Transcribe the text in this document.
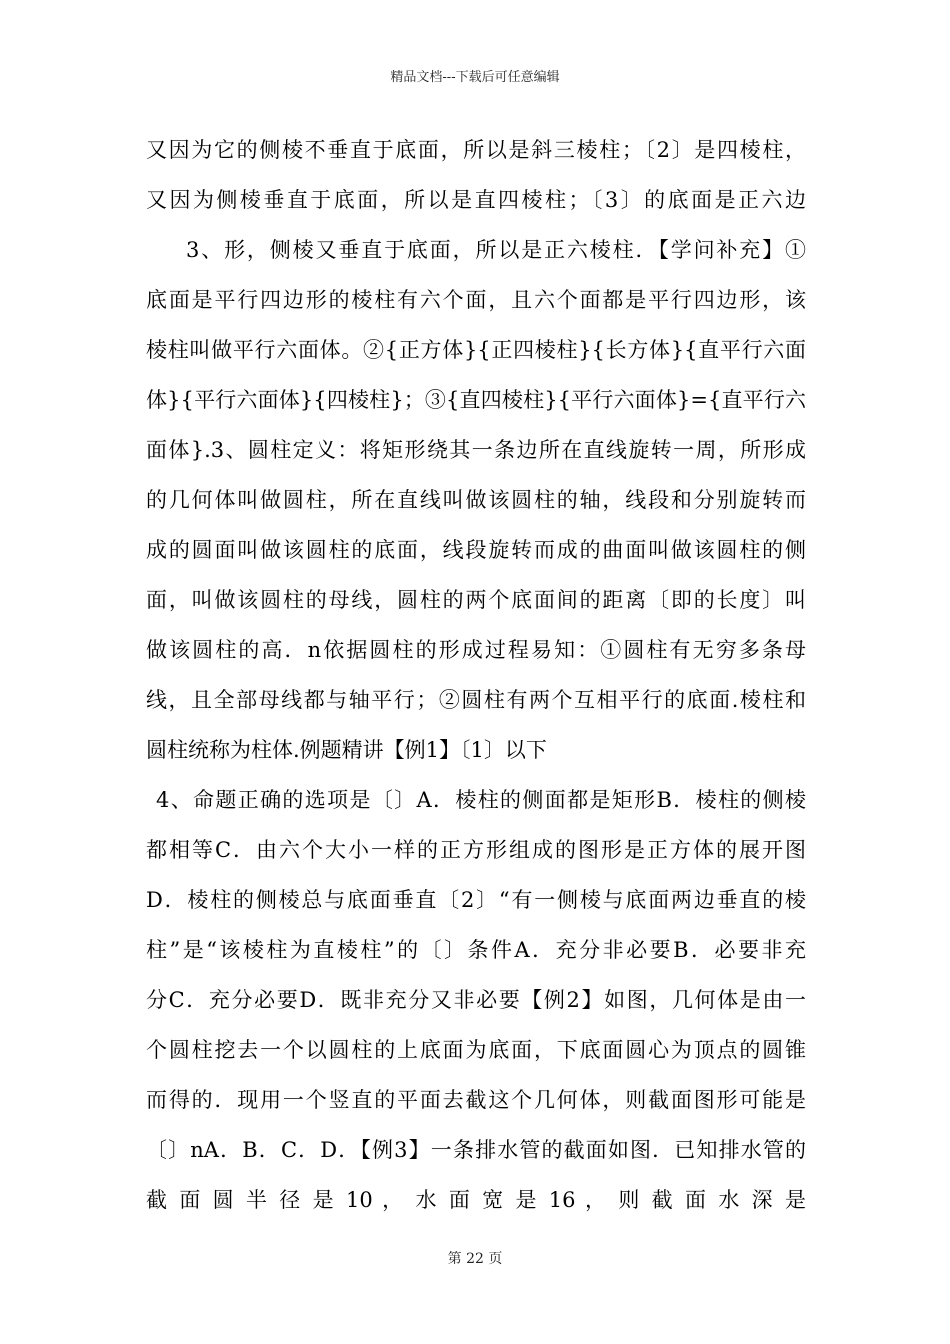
精品文档---下载后可任意编辑
又因为它的侧棱不垂直于底面，所以是斜三棱柱；〔2〕是四棱柱，
又因为侧棱垂直于底面，所以是直四棱柱；〔3〕的底面是正六边
3、形，侧棱又垂直于底面，所以是正六棱柱．【学问补充】①
底面是平行四边形的棱柱有六个面，且六个面都是平行四边形，该
棱柱叫做平行六面体。②{正方体}{正四棱柱}{长方体}{直平行六面
体}{平行六面体}{四棱柱}；③{直四棱柱}{平行六面体}={直平行六
面体}.3、圆柱定义：将矩形绕其一条边所在直线旋转一周，所形成
的几何体叫做圆柱，所在直线叫做该圆柱的轴，线段和分别旋转而
成的圆面叫做该圆柱的底面，线段旋转而成的曲面叫做该圆柱的侧
面，叫做该圆柱的母线，圆柱的两个底面间的距离〔即的长度〕叫
做该圆柱的高．n依据圆柱的形成过程易知：①圆柱有无穷多条母
线，且全部母线都与轴平行；②圆柱有两个互相平行的底面.棱柱和
圆柱统称为柱体.例题精讲【例1】〔1〕以下
4、命题正确的选项是〔〕A．棱柱的侧面都是矩形B．棱柱的侧棱
都相等C．由六个大小一样的正方形组成的图形是正方体的展开图
D．棱柱的侧棱总与底面垂直〔2〕“有一侧棱与底面两边垂直的棱
柱”是“该棱柱为直棱柱”的〔〕条件A．充分非必要B．必要非充
分C．充分必要D．既非充分又非必要【例2】如图，几何体是由一
个圆柱挖去一个以圆柱的上底面为底面，下底面圆心为顶点的圆锥
而得的．现用一个竖直的平面去截这个几何体，则截面图形可能是
〔〕nA．B．C．D．【例3】一条排水管的截面如图．已知排水管的
截 面 圆 半 径 是 10 ， 水 面 宽 是 16 ， 则 截 面 水 深 是
第 22 页
